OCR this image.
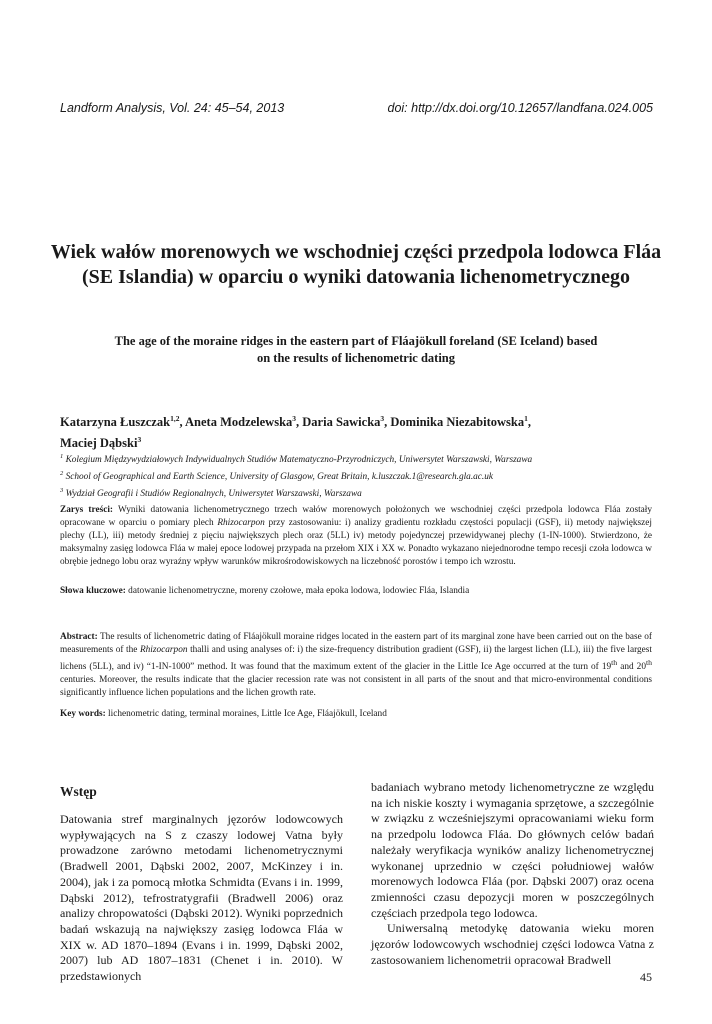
Landform Analysis, Vol. 24: 45–54, 2013	doi: http://dx.doi.org/10.12657/landfana.024.005
Wiek wałów morenowych we wschodniej części przedpola lodowca Fláa
(SE Islandia) w oparciu o wyniki datowania lichenometrycznego
The age of the moraine ridges in the eastern part of Fláajökull foreland (SE Iceland) based
on the results of lichenometric dating
Katarzyna Łuszczak$^{1,2}$, Aneta Modzelewska$^3$, Daria Sawicka$^3$, Dominika Niezabitowska$^1$,
Maciej Dąbski$^3$
$^1$ Kolegium Międzywydziałowych Indywidualnych Studiów Matematyczno-Przyrodniczych, Uniwersytet Warszawski, Warszawa
$^2$ School of Geographical and Earth Science, University of Glasgow, Great Britain, k.luszczak.1@research.gla.ac.uk
$^3$ Wydział Geografii i Studiów Regionalnych, Uniwersytet Warszawski, Warszawa
Zarys treści: Wyniki datowania lichenometrycznego trzech wałów morenowych położonych we wschodniej części przedpola lodowca Fláa zostały opracowane w oparciu o pomiary plech Rhizocarpon przy zastosowaniu: i) analizy gradientu rozkładu częstości populacji (GSF), ii) metody największej plechy (LL), iii) metody średniej z pięciu największych plech oraz (5LL) iv) metody pojedynczej przewidywanej plechy (1-IN-1000). Stwierdzono, że maksymalny zasięg lodowca Fláa w małej epoce lodowej przypada na przełom XIX i XX w. Ponadto wykazano niejednorodne tempo recesji czoła lodowca w obrębie jednego lobu oraz wyraźny wpływ warunków mikrośrodowiskowych na liczebność porostów i tempo ich wzrostu.
Słowa kluczowe: datowanie lichenometryczne, moreny czołowe, mała epoka lodowa, lodowiec Fláa, Islandia
Abstract: The results of lichenometric dating of Fláajökull moraine ridges located in the eastern part of its marginal zone have been carried out on the base of measurements of the Rhizocarpon thalli and using analyses of: i) the size-frequency distribution gradient (GSF), ii) the largest lichen (LL), iii) the five largest lichens (5LL), and iv) “1-IN-1000” method. It was found that the maximum extent of the glacier in the Little Ice Age occurred at the turn of 19th and 20th centuries. Moreover, the results indicate that the glacier recession rate was not consistent in all parts of the snout and that micro-environmental conditions significantly influence lichen populations and the lichen growth rate.
Key words: lichenometric dating, terminal moraines, Little Ice Age, Fláajökull, Iceland
Wstęp

Datowania stref marginalnych jęzorów lodowcowych wypływających na S z czaszy lodowej Vatna były prowadzone zarówno metodami lichenometrycznymi (Bradwell 2001, Dąbski 2002, 2007, McKinzey i in. 2004), jak i za pomocą młotka Schmidta (Evans i in. 1999, Dąbski 2012), tefrostratygrafii (Bradwell 2006) oraz analizy chropowatości (Dąbski 2012). Wyniki poprzednich badań wskazują na największy zasięg lodowca Fláa w XIX w. AD 1870–1894 (Evans i in. 1999, Dąbski 2002, 2007) lub AD 1807–1831 (Chenet i in. 2010). W przedstawionych

badaniach wybrano metody lichenometryczne ze względu na ich niskie koszty i wymagania sprzętowe, a szczególnie w związku z wcześniejszymi opracowaniami wieku form na przedpolu lodowca Fláa. Do głównych celów badań należały weryfikacja wyników analizy lichenometrycznej wykonanej uprzednio w części południowej wałów morenowych lodowca Fláa (por. Dąbski 2007) oraz ocena zmienności czasu depozycji moren w poszczególnych częściach przedpola tego lodowca.

Uniwersalną metodykę datowania wieku moren jęzorów lodowcowych wschodniej części lodowca Vatna z zastosowaniem lichenometrii opracował Bradwell

45
